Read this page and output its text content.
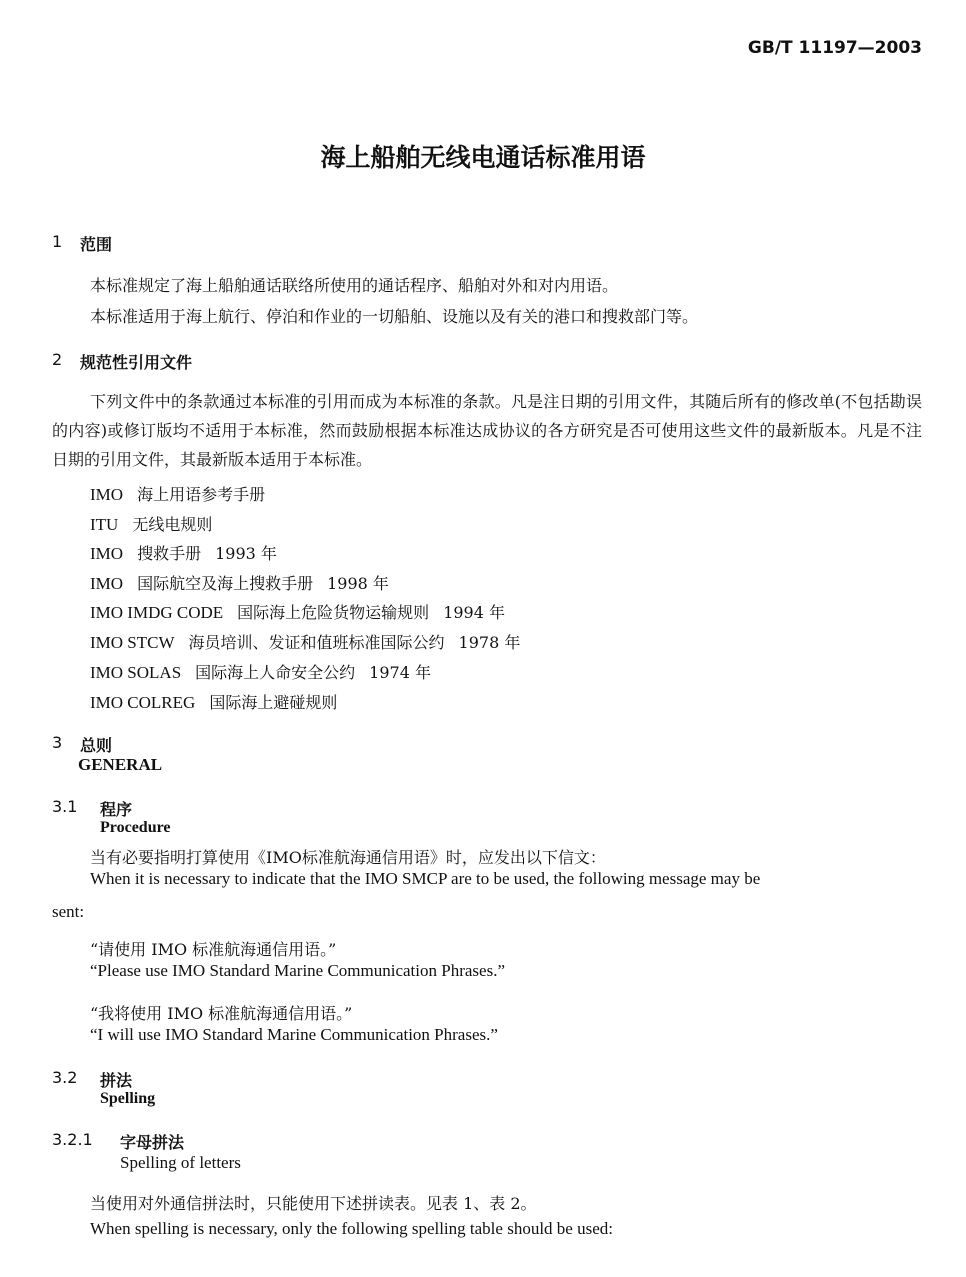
GB/T 11197—2003
海上船舶无线电通话标准用语
1 范围
本标准规定了海上船舶通话联络所使用的通话程序、船舶对外和对内用语。
本标准适用于海上航行、停泊和作业的一切船舶、设施以及有关的港口和搜救部门等。
2 规范性引用文件
下列文件中的条款通过本标准的引用而成为本标准的条款。凡是注日期的引用文件，其随后所有的修改单(不包括勘误的内容)或修订版均不适用于本标准，然而鼓励根据本标准达成协议的各方研究是否可使用这些文件的最新版本。凡是不注日期的引用文件，其最新版本适用于本标准。
IMO 海上用语参考手册
ITU 无线电规则
IMO 搜救手册 1993 年
IMO 国际航空及海上搜救手册 1998 年
IMO IMDG CODE 国际海上危险货物运输规则 1994 年
IMO STCW 海员培训、发证和值班标准国际公约 1978 年
IMO SOLAS 国际海上人命安全公约 1974 年
IMO COLREG 国际海上避碰规则
3 总则
GENERAL
3.1 程序
Procedure
当有必要指明打算使用《IMO标准航海通信用语》时，应发出以下信文：
When it is necessary to indicate that the IMO SMCP are to be used, the following message may be
sent:
“请使用 IMO 标准航海通信用语。”
“Please use IMO Standard Marine Communication Phrases.”
“我将使用 IMO 标准航海通信用语。”
“I will use IMO Standard Marine Communication Phrases.”
3.2 拼法
Spelling
3.2.1 字母拼法
Spelling of letters
当使用对外通信拼法时，只能使用下述拼读表。见表 1、表 2。
When spelling is necessary, only the following spelling table should be used:
